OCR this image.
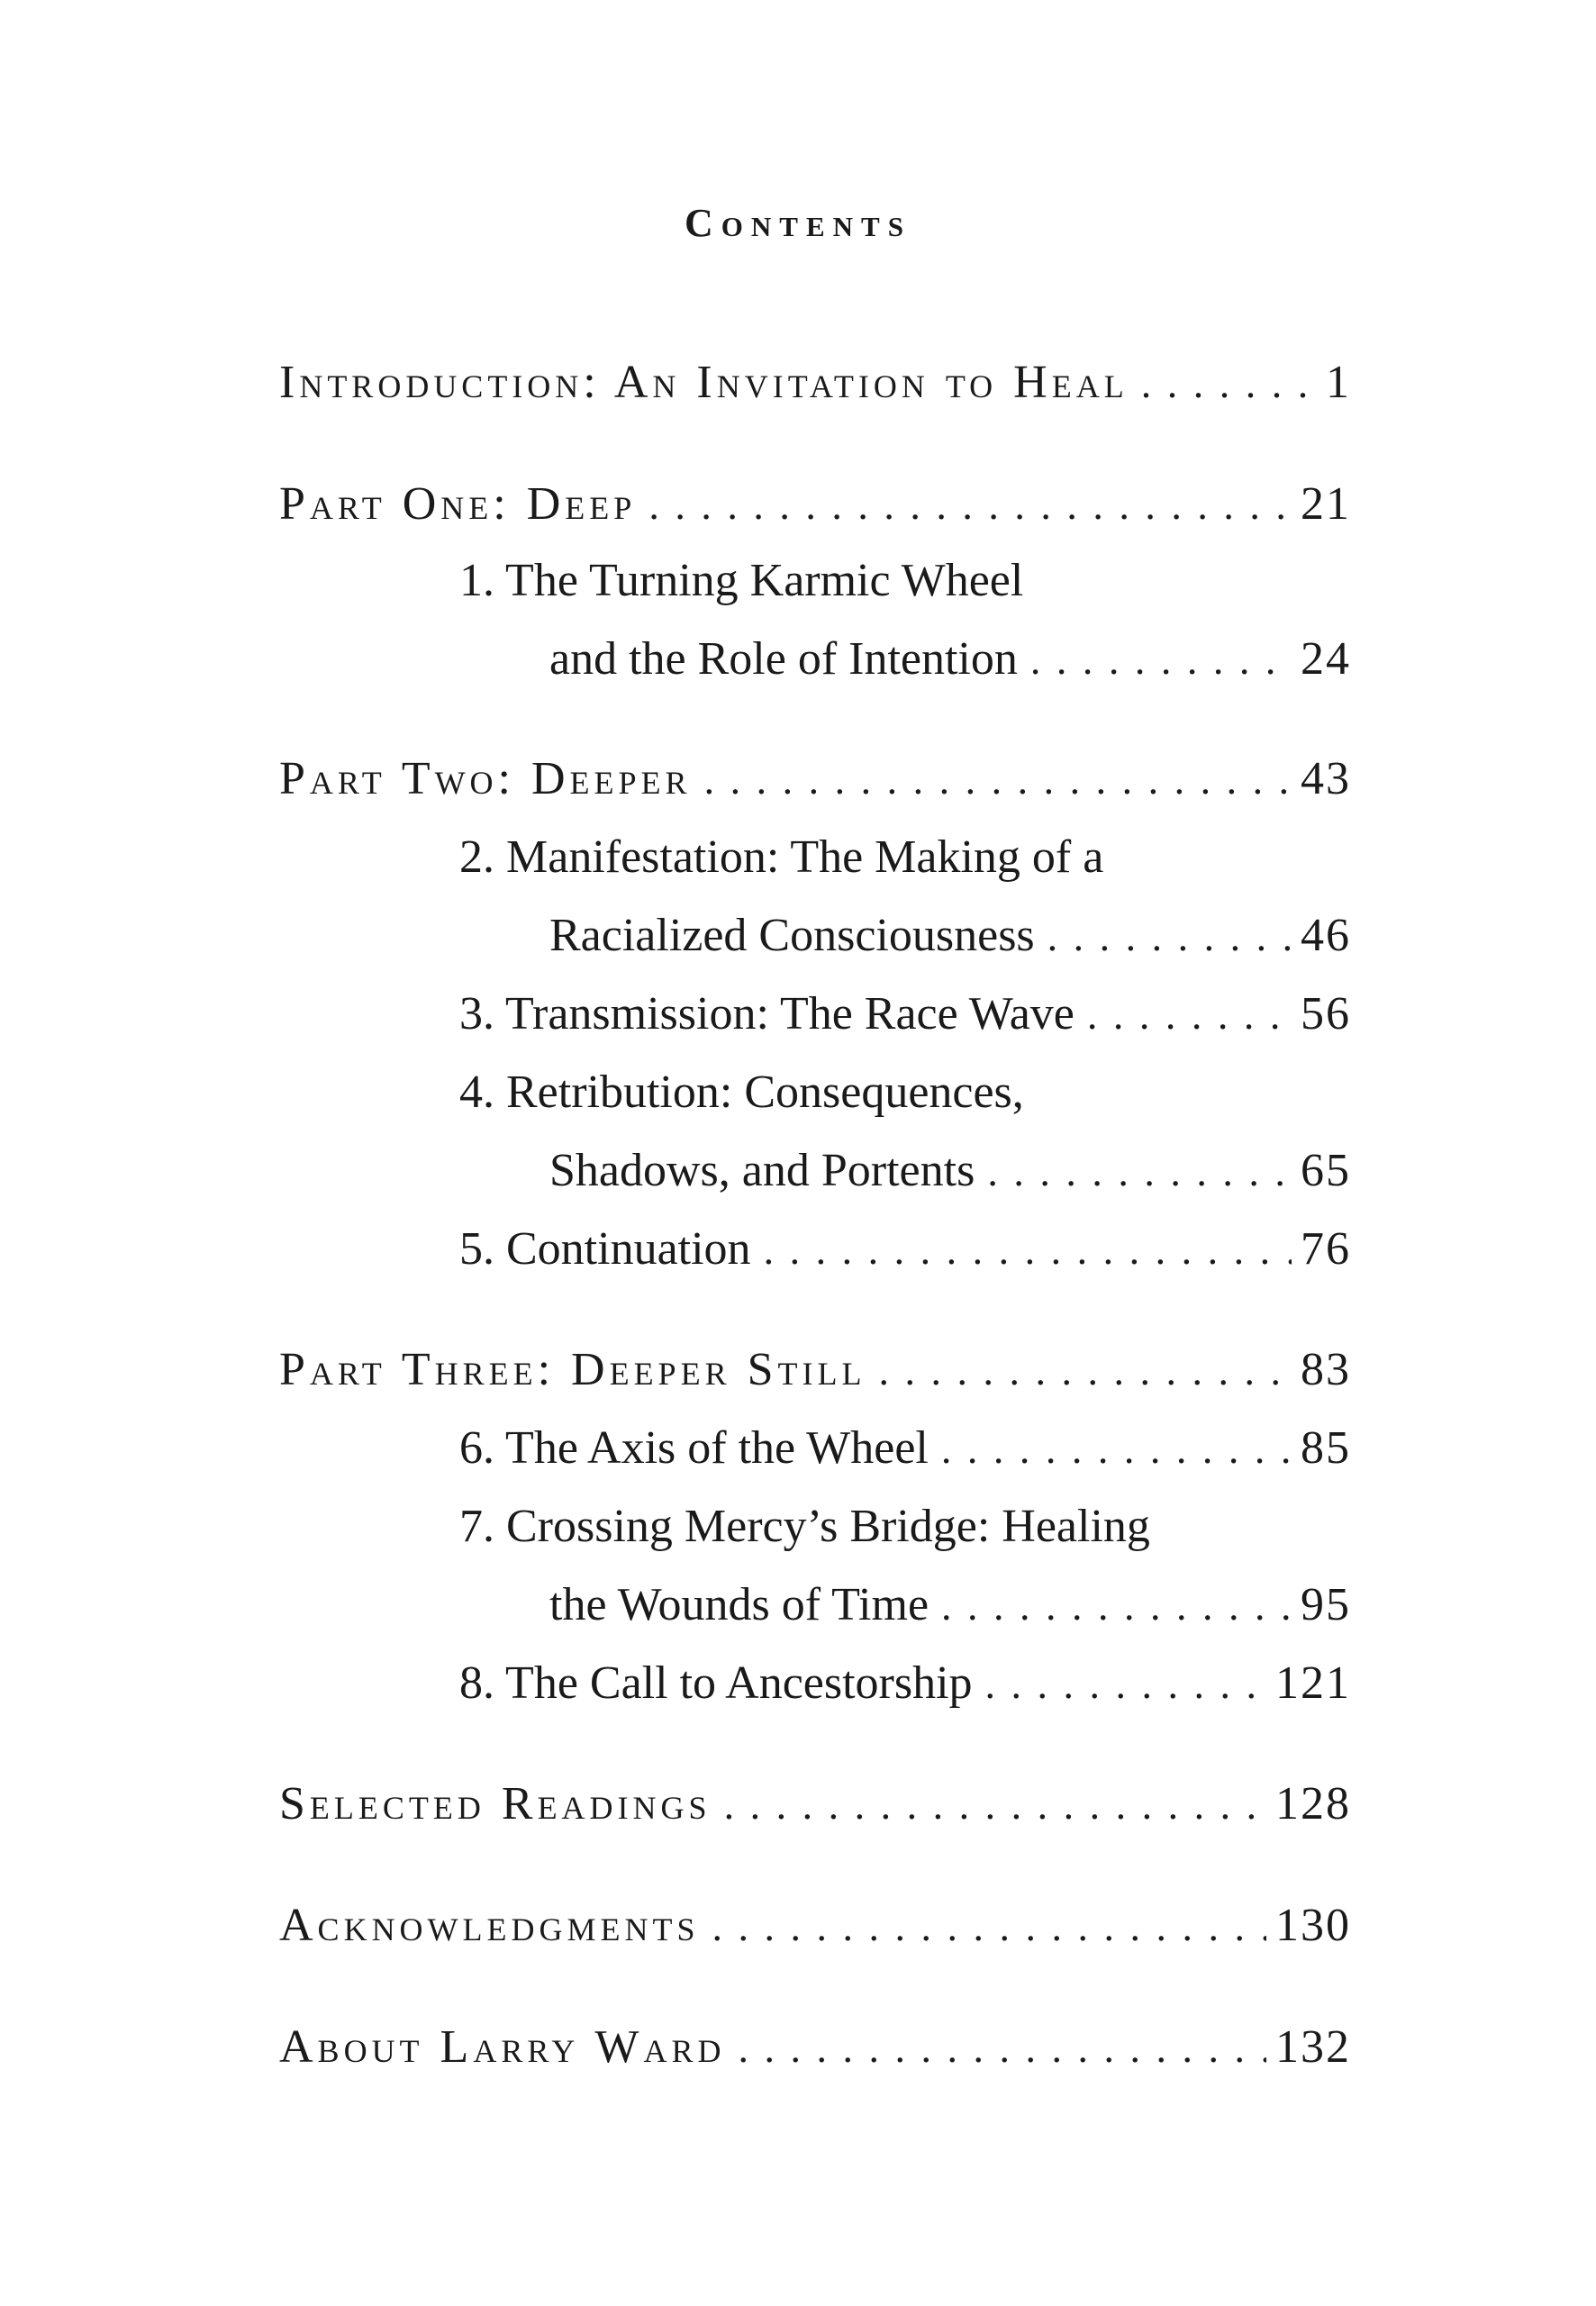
Contents
Introduction: An Invitation to Heal . . .	1
Part One: Deep . . .	21
1. The Turning Karmic Wheel
and the Role of Intention . . .	24
Part Two: Deeper . . .	43
2. Manifestation: The Making of a
Racialized Consciousness . . .	46
3. Transmission: The Race Wave . . .	56
4. Retribution: Consequences,
Shadows, and Portents . . .	65
5. Continuation . . .	76
Part Three: Deeper Still . . .	83
6. The Axis of the Wheel . . .	85
7. Crossing Mercy’s Bridge: Healing
the Wounds of Time . . .	95
8. The Call to Ancestorship . . .	121
Selected Readings . . .	128
Acknowledgments . . .	130
About Larry Ward . . .	132
